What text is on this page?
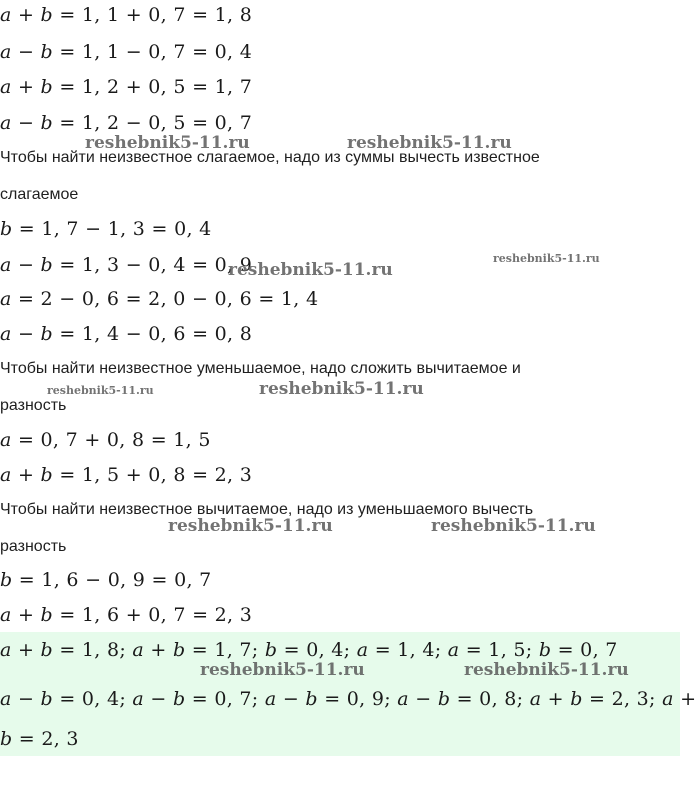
a + b = 1, 1 + 0, 7 = 1, 8
a − b = 1, 1 − 0, 7 = 0, 4
a + b = 1, 2 + 0, 5 = 1, 7
a − b = 1, 2 − 0, 5 = 0, 7
Чтобы найти неизвестное слагаемое, надо из суммы вычесть известное
слагаемое
b = 1, 7 − 1, 3 = 0, 4
a − b = 1, 3 − 0, 4 = 0, 9
a = 2 − 0, 6 = 2, 0 − 0, 6 = 1, 4
a − b = 1, 4 − 0, 6 = 0, 8
Чтобы найти неизвестное уменьшаемое, надо сложить вычитаемое и
разность
a = 0, 7 + 0, 8 = 1, 5
a + b = 1, 5 + 0, 8 = 2, 3
Чтобы найти неизвестное вычитаемое, надо из уменьшаемого вычесть
разность
b = 1, 6 − 0, 9 = 0, 7
a + b = 1, 6 + 0, 7 = 2, 3
a + b = 1, 8; a + b = 1, 7; b = 0, 4; a = 1, 4; a = 1, 5; b = 0, 7
a − b = 0, 4; a − b = 0, 7; a − b = 0, 9; a − b = 0, 8; a + b = 2, 3; a +
b = 2, 3
reshebnik5-11.ru	reshebnik5-11.ru
reshebnik5-11.ru
reshebnik5-11.ru
reshebnik5-11.ru	reshebnik5-11.ru
reshebnik5-11.ru	reshebnik5-11.ru
reshebnik5-11.ru	reshebnik5-11.ru
